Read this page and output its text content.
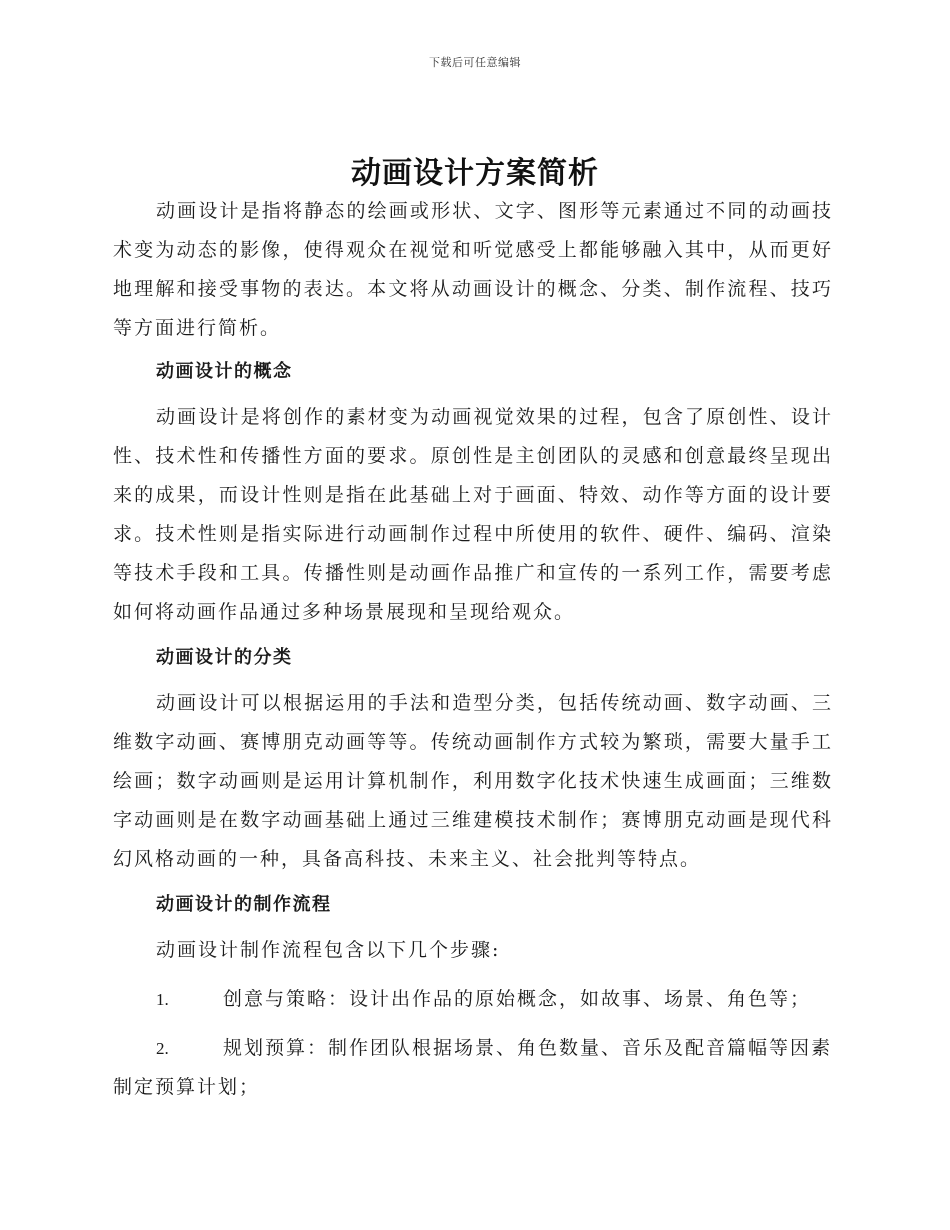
下载后可任意编辑
动画设计方案简析

动画设计是指将静态的绘画或形状、文字、图形等元素通过不同的动画技术变为动态的影像，使得观众在视觉和听觉感受上都能够融入其中，从而更好地理解和接受事物的表达。本文将从动画设计的概念、分类、制作流程、技巧等方面进行简析。

动画设计的概念

动画设计是将创作的素材变为动画视觉效果的过程，包含了原创性、设计性、技术性和传播性方面的要求。原创性是主创团队的灵感和创意最终呈现出来的成果，而设计性则是指在此基础上对于画面、特效、动作等方面的设计要求。技术性则是指实际进行动画制作过程中所使用的软件、硬件、编码、渲染等技术手段和工具。传播性则是动画作品推广和宣传的一系列工作，需要考虑如何将动画作品通过多种场景展现和呈现给观众。

动画设计的分类

动画设计可以根据运用的手法和造型分类，包括传统动画、数字动画、三维数字动画、赛博朋克动画等等。传统动画制作方式较为繁琐，需要大量手工绘画；数字动画则是运用计算机制作，利用数字化技术快速生成画面；三维数字动画则是在数字动画基础上通过三维建模技术制作；赛博朋克动画是现代科幻风格动画的一种，具备高科技、未来主义、社会批判等特点。

动画设计的制作流程

动画设计制作流程包含以下几个步骤:

1.	创意与策略：设计出作品的原始概念，如故事、场景、角色等；

2.	规划预算：制作团队根据场景、角色数量、音乐及配音篇幅等因素制定预算计划；
